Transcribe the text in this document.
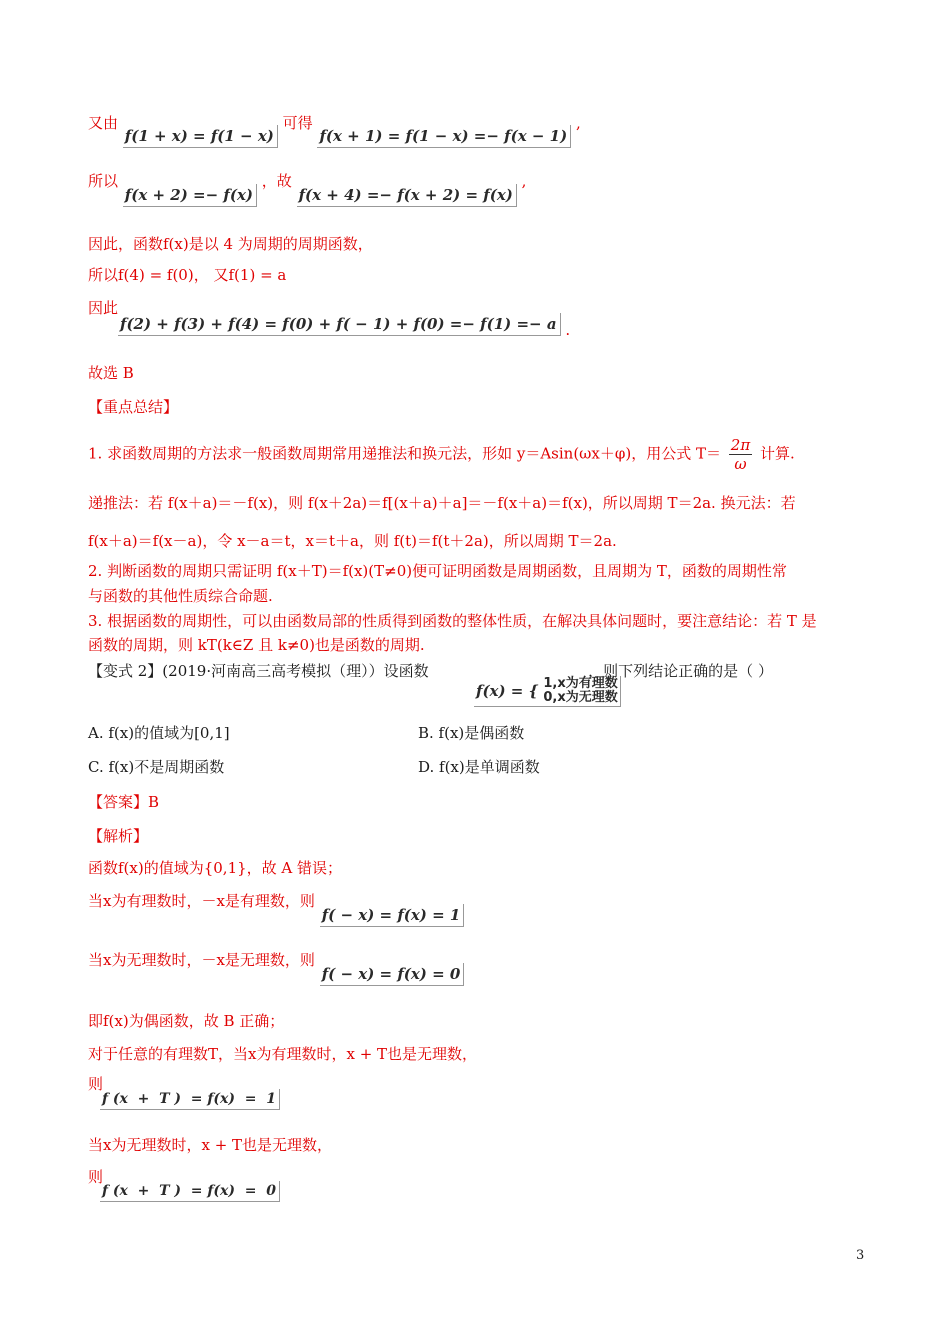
又由 f(1 + x) = f(1 − x) 可得 f(x + 1) = f(1 − x) =− f(x − 1) ,
所以 f(x + 2) =− f(x) ，故 f(x + 4) =− f(x + 2) = f(x) ,
因此，函数f(x)是以 4 为周期的周期函数，
所以f(4) = f(0)， 又f(1) = a
因此
f(2) + f(3) + f(4) = f(0) + f( − 1) + f(0) =− f(1) =− a .
故选 B
【重点总结】
1. 求函数周期的方法求一般函数周期常用递推法和换元法，形如 y＝Asin(ωx＋φ)，用公式 $T= \frac{2\pi}{\omega}$ 计算.
递推法：若 f(x＋a)＝－f(x)，则 f(x＋2a)＝f[(x＋a)＋a]＝－f(x＋a)＝f(x)，所以周期 T＝2a. 换元法：若
f(x＋a)＝f(x－a)，令 x－a＝t，x＝t＋a，则 f(t)＝f(t＋2a)，所以周期 T＝2a.
2. 判断函数的周期只需证明 f(x＋T)＝f(x)(T≠0)便可证明函数是周期函数，且周期为 T，函数的周期性常
与函数的其他性质综合命题.
3. 根据函数的周期性，可以由函数局部的性质得到函数的整体性质，在解决具体问题时，要注意结论：若 T 是
函数的周期，则 kT(k∈Z 且 k≠0)也是函数的周期.
【变式 2】(2019·河南高三高考模拟（理））设函数	，则下列结论正确的是（ ）
f(x) = { 1,x为有理数
0,x为无理数
A. f(x)的值域为[0,1]	B. f(x)是偶函数
C. f(x)不是周期函数	D. f(x)是单调函数
【答案】B
【解析】
函数f(x)的值域为{0,1}，故 A 错误；
当x为有理数时，－x是有理数，则 f( − x) = f(x) = 1
当x为无理数时，－x是无理数，则 f( − x) = f(x) = 0
即f(x)为偶函数，故 B 正确；
对于任意的有理数T，当x为有理数时，x + T也是无理数，
则
f (x  +  T )  = f(x)  =  1
当x为无理数时，x + T也是无理数，
则
f (x  +  T )  = f(x)  =  0
3
